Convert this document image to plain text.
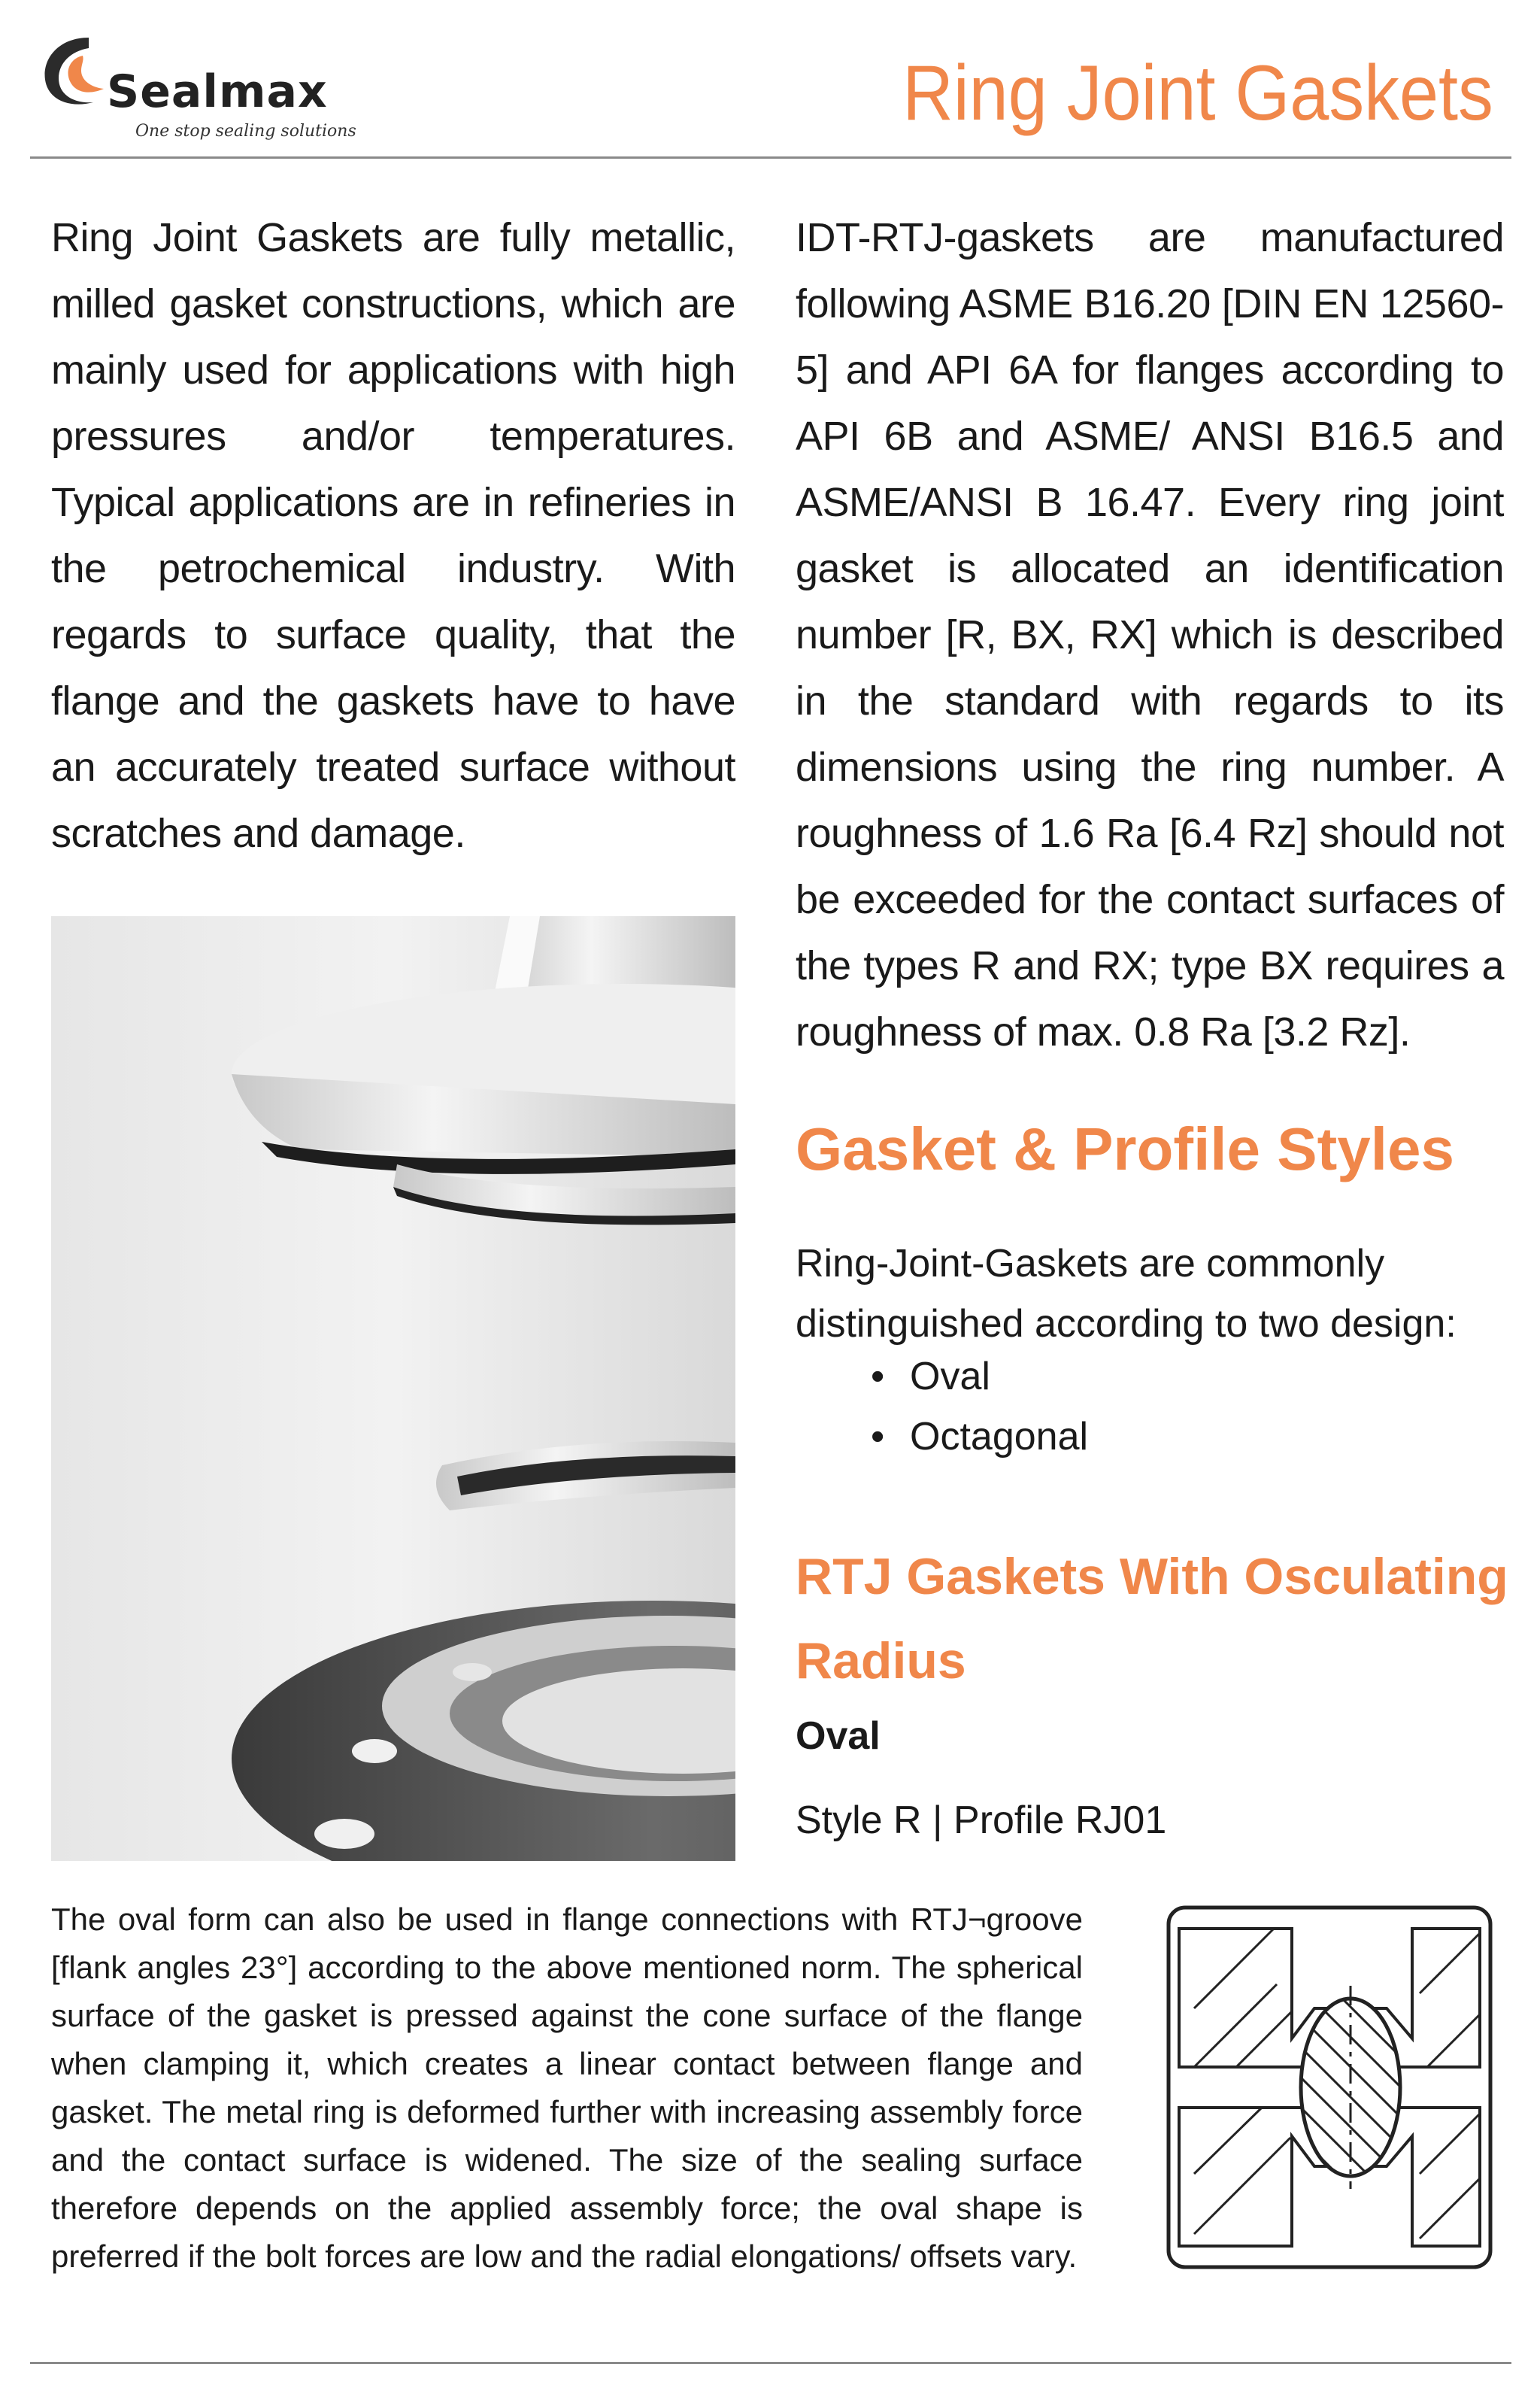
Sealmax
One stop sealing solutions	Ring Joint Gaskets

Ring Joint Gaskets are fully metallic, milled gasket constructions, which are mainly used for applications with high pressures and/or temperatures. Typical applications are in refineries in the petrochemical industry. With regards to surface quality, that the flange and the gaskets have to have an accurately treated surface without scratches and damage.

IDT-RTJ-gaskets are manufactured following ASME B16.20 [DIN EN 12560-5] and API 6A for flanges according to API 6B and ASME/ ANSI B16.5 and ASME/ANSI B 16.47. Every ring joint gasket is allocated an identification number [R, BX, RX] which is described in the standard with regards to its dimensions using the ring number. A roughness of 1.6 Ra [6.4 Rz] should not be exceeded for the contact surfaces of the types R and RX; type BX requires a roughness of max. 0.8 Ra [3.2 Rz].

Gasket & Profile Styles

Ring-Joint-Gaskets are commonly distinguished according to two design:

• Oval
• Octagonal
RTJ Gaskets With Osculating Radius
Oval
Style R | Profile RJ01

The oval form can also be used in flange connections with RTJ¬groove [flank angles 23°] according to the above mentioned norm. The spherical surface of the gasket is pressed against the cone surface of the flange when clamping it, which creates a linear contact between flange and gasket. The metal ring is deformed further with increasing assembly force and the contact surface is widened. The size of the sealing surface therefore depends on the applied assembly force; the oval shape is preferred if the bolt forces are low and the radial elongations/ offsets vary.
